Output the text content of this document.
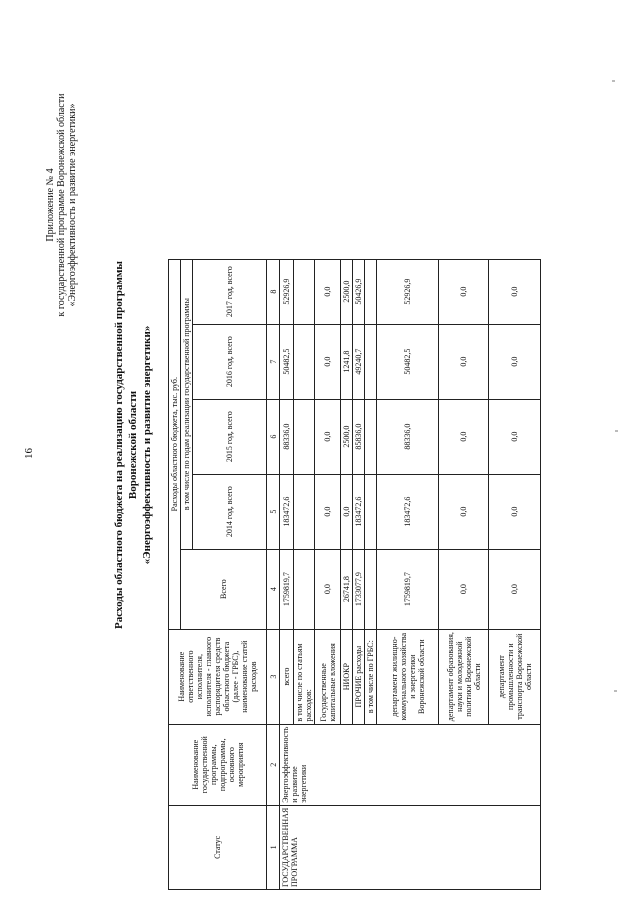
16
Приложение № 4 к государственной программе Воронежской области «Энергоэффективность и развитие энергетики»
Расходы областного бюджета на реализацию государственной программы Воронежской области «Энергоэффективность и развитие энергетики»
Статус	Наименование государственной программы, подпрограммы, основного мероприятия	Наименование ответственного исполнителя, исполнителя - главного распорядителя средств областного бюджета (далее - ГРБС), наименование статей расходов	Расходы областного бюджета, тыс. руб.				
			Всего	в том числе по годам реализации государственной программы			
				2014 год, всего	2015 год, всего	2016 год, всего	2017 год, всего
1	2	3	4	5	6	7	8
ГОСУДАРСТВЕННАЯ ПРОГРАММА	Энергоэффективность и развитие энергетики	всего	1759819,7	183472,6	88336,0	50482,5	52926,9
		в том числе по статьям расходов:					
		Государственные капитальные вложения	0,0	0,0	0,0	0,0	0,0
		НИОКР	26741,8	0,0	2500,0	1241,8	2500,0
		ПРОЧИЕ расходы	1733077,9	183472,6	85836,0	49240,7	50426,9
		в том числе по ГРБС:					
		департамент жилищно-коммунального хозяйства и энергетики Воронежской области	1759819,7	183472,6	88336,0	50482,5	52926,9
		департамент образования, науки и молодежной политики Воронежской области	0,0	0,0	0,0	0,0	0,0
		департамент промышленности и транспорта Воронежской области	0,0	0,0	0,0	0,0	0,0
